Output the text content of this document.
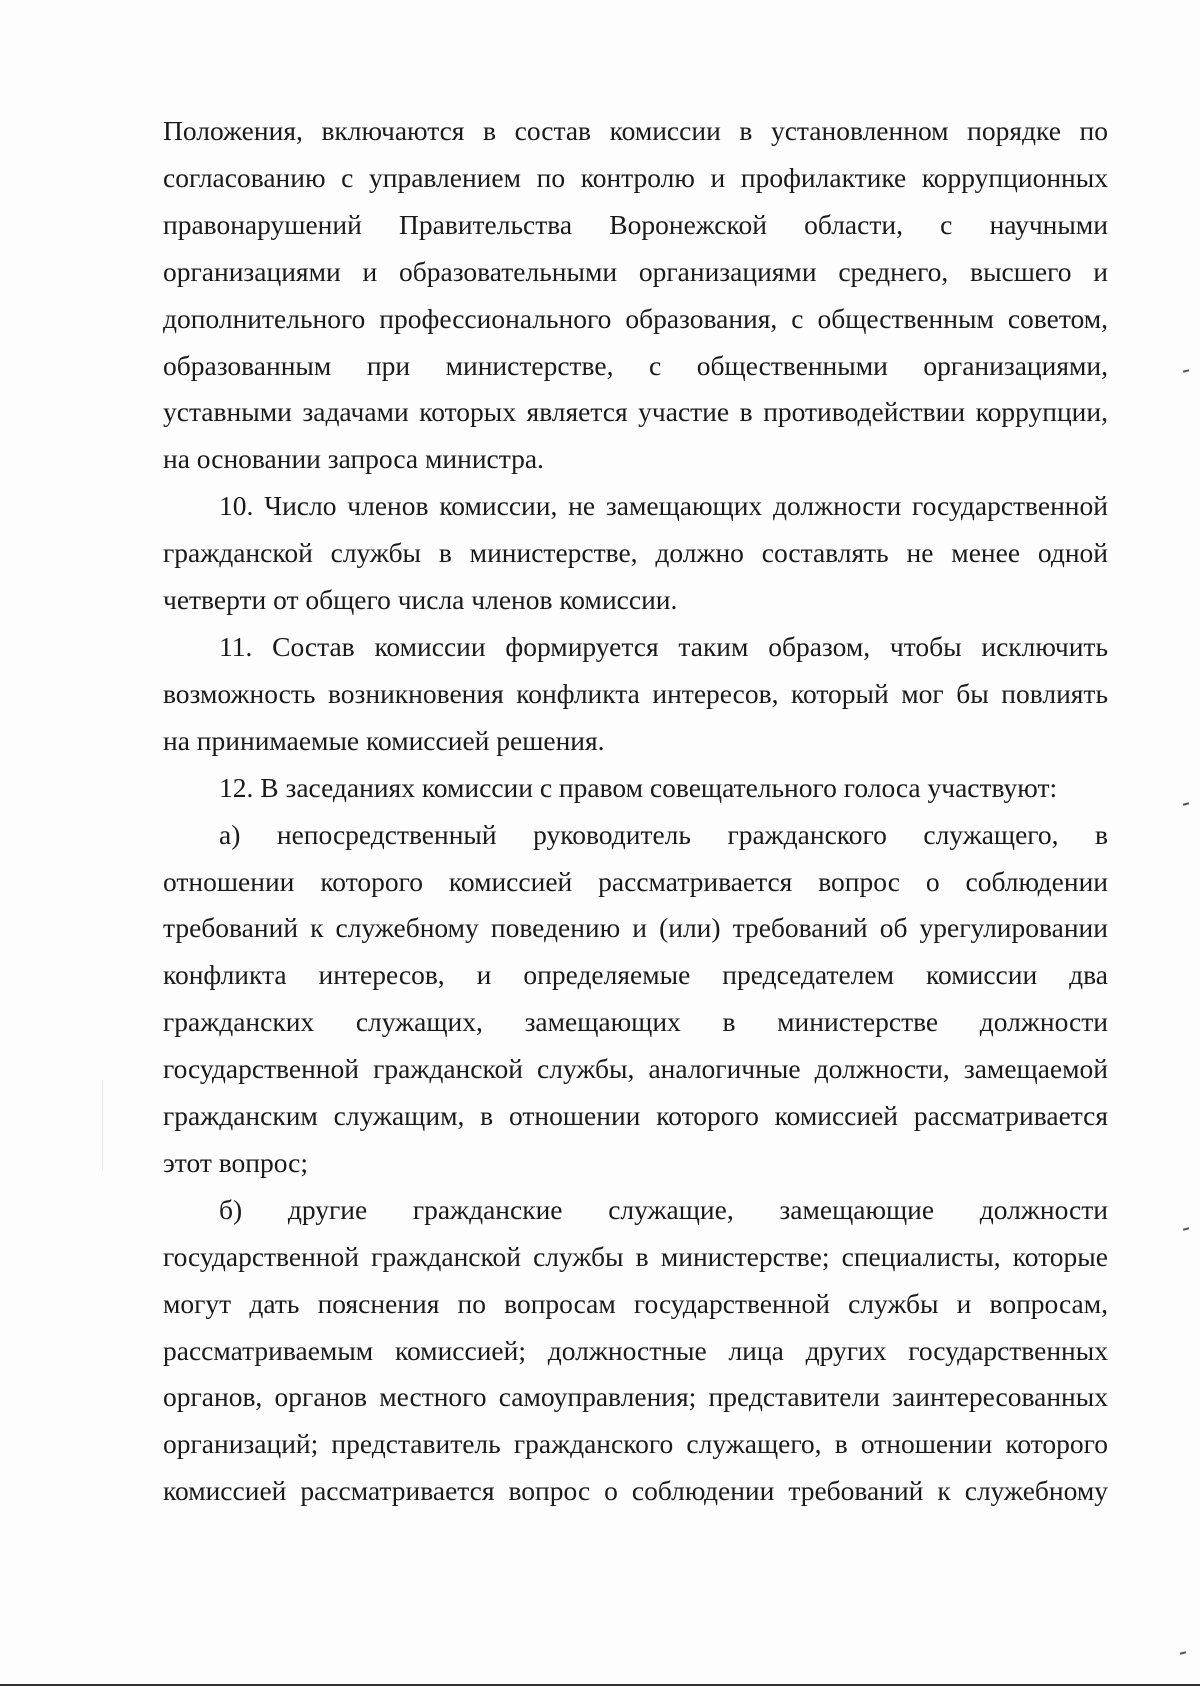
Положения, включаются в состав комиссии в установленном порядке по
согласованию с управлением по контролю и профилактике коррупционных
правонарушений Правительства Воронежской области, с научными
организациями и образовательными организациями среднего, высшего и
дополнительного профессионального образования, с общественным советом,
образованным при министерстве, с общественными организациями,
уставными задачами которых является участие в противодействии коррупции,
на основании запроса министра.
10. Число членов комиссии, не замещающих должности государственной
гражданской службы в министерстве, должно составлять не менее одной
четверти от общего числа членов комиссии.
11. Состав комиссии формируется таким образом, чтобы исключить
возможность возникновения конфликта интересов, который мог бы повлиять
на принимаемые комиссией решения.
12. В заседаниях комиссии с правом совещательного голоса участвуют:
а) непосредственный руководитель гражданского служащего, в
отношении которого комиссией рассматривается вопрос о соблюдении
требований к служебному поведению и (или) требований об урегулировании
конфликта интересов, и определяемые председателем комиссии два
гражданских служащих, замещающих в министерстве должности
государственной гражданской службы, аналогичные должности, замещаемой
гражданским служащим, в отношении которого комиссией рассматривается
этот вопрос;
б) другие гражданские служащие, замещающие должности
государственной гражданской службы в министерстве; специалисты, которые
могут дать пояснения по вопросам государственной службы и вопросам,
рассматриваемым комиссией; должностные лица других государственных
органов, органов местного самоуправления; представители заинтересованных
организаций; представитель гражданского служащего, в отношении которого
комиссией рассматривается вопрос о соблюдении требований к служебному
